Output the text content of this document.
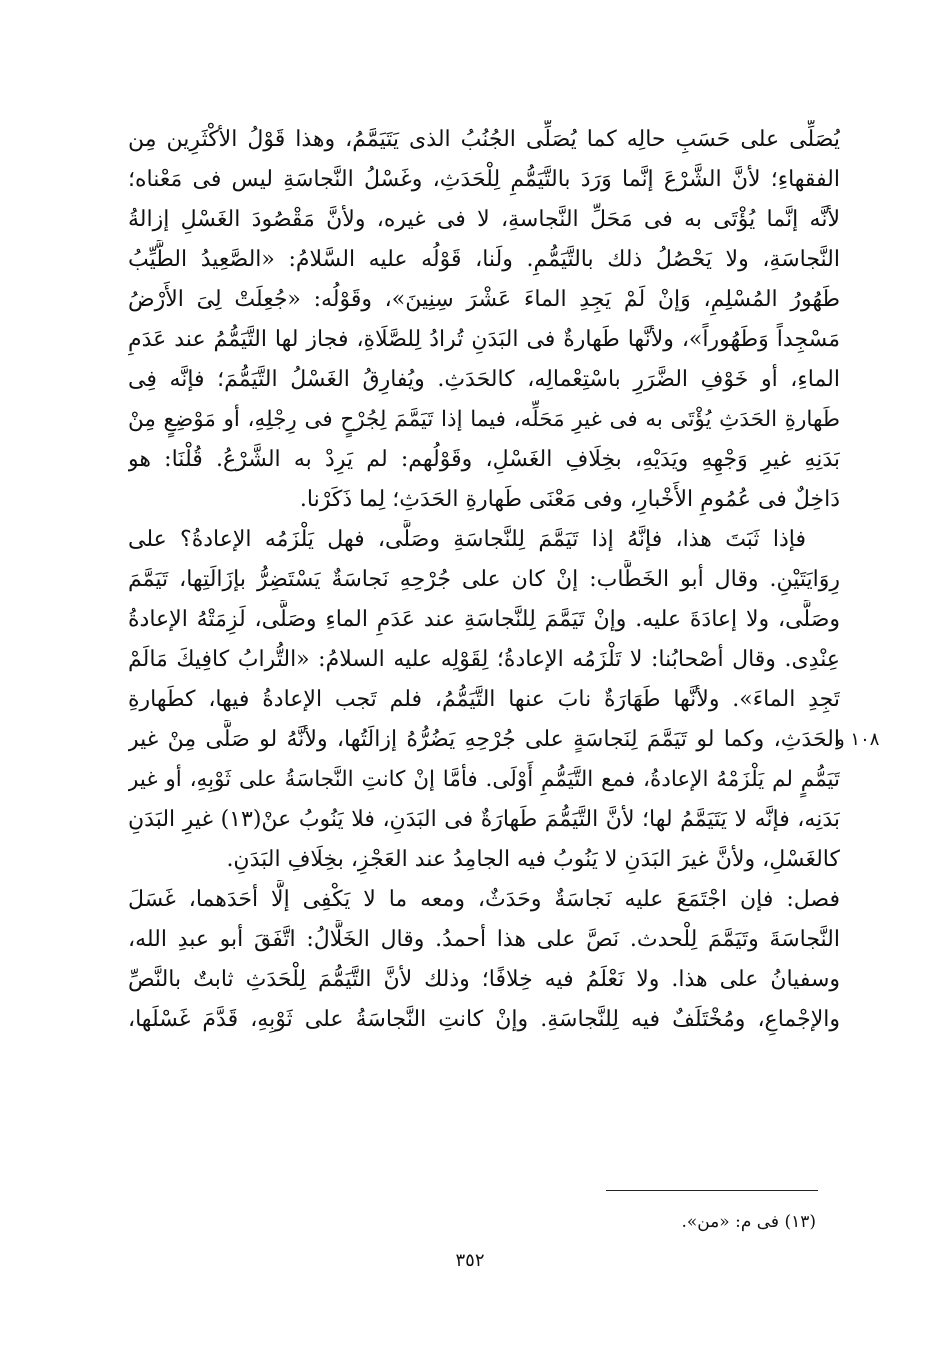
يُصَلِّى على حَسَبِ حالِه كما يُصَلِّى الجُنُبُ الذى يَتَيَمَّمُ، وهذا قَوْلُ الأكْثَرِين مِن
الفقهاءِ؛ لأنَّ الشَّرْعَ إنَّما وَرَدَ بالتَّيَمُّمِ لِلْحَدَثِ، وغَسْلُ النَّجاسَةِ ليس فى مَعْناه؛
لأنَّه إنَّما يُؤْتَى به فى مَحَلِّ النَّجاسةِ، لا فى غيره، ولأنَّ مَقْصُودَ الغَسْلِ إزالةُ
النَّجاسَةِ، ولا يَحْصُلُ ذلك بالتَّيَمُّمِ. ولَنا، قَوْلُه عليه السَّلامُ: «الصَّعِيدُ الطَّيِّبُ
طَهُورُ المُسْلِمِ، وَإنْ لَمْ يَجِدِ الماءَ عَشْرَ سِنِينَ»، وقَوْلُه: «جُعِلَتْ لِىَ الأَرْضُ
مَسْجِداً وَطَهُوراً»، ولأنَّها طَهارةٌ فى البَدَنِ تُرادُ لِلصَّلَاةِ، فجاز لها التَّيَمُّمُ عند عَدَمِ
الماءِ، أو خَوْفِ الضَّرَرِ باسْتِعْمالِه، كالحَدَثِ. ويُفارِقُ الغَسْلُ التَّيَمُّمَ؛ فإنَّه فِى
طَهارةِ الحَدَثِ يُؤْتَى به فى غيرِ مَحَلِّه، فيما إذا تَيَمَّمَ لِجُرْحٍ فى رِجْلِهِ، أو مَوْضِعٍ مِنْ
بَدَنِهِ غيرِ وَجْهِهِ ويَدَيْهِ، بخِلَافِ الغَسْلِ، وقَوْلُهم: لم يَرِدْ به الشَّرْعُ. قُلْنَا: هو
دَاخِلٌ فى عُمُومِ الأَخْبارِ، وفى مَعْنَى طَهارةِ الحَدَثِ؛ لِما ذَكَرْنا.
فإذا ثَبَتَ هذا، فإنَّهُ إذا تَيَمَّمَ لِلنَّجاسَةِ وصَلَّى، فهل يَلْزَمُه الإعادةُ؟ على
رِوَايَتَيْنِ. وقال أبو الخَطَّاب: إنْ كان على جُرْحِهِ نَجاسَةٌ يَسْتَضِرُّ بإزَالَتِها، تَيَمَّمَ
وصَلَّى، ولا إعادَةَ عليه. وإنْ تَيَمَّمَ لِلنَّجاسَةِ عند عَدَمِ الماءِ وصَلَّى، لَزِمَتْهُ الإعادةُ
عِنْدِى. وقال أصْحابُنا: لا تَلْزَمُه الإعادةُ؛ لِقَوْلِه عليه السلامُ: «التُّرابُ كافِيكَ مَالَمْ
تَجِدِ الماءَ». ولأنَّها طَهَارَةٌ نابَ عنها التَّيَمُّمُ، فلم تَجب الإعادةُ فيها، كطَهارةِ
الحَدَثِ، وكما لو تَيَمَّمَ لِنَجاسَةٍ على جُرْحِهِ يَضُرُّهُ إزالَتُها، ولأنَّهُ لو صَلَّى مِنْ غير
تَيَمُّمٍ لم يَلْزَمْهُ الإعادةُ، فمع التَّيَمُّمِ أَوْلَى. فأمَّا إنْ كانتِ النَّجاسَةُ على ثَوْبِهِ، أو غير
بَدَنِه، فإنَّه لا يَتَيَمَّمُ لها؛ لأنَّ التَّيَمُّمَ طَهارَةٌ فى البَدَنِ، فلا يَنُوبُ عنْ(١٣) غيرِ البَدَنِ
كالغَسْلِ، ولأنَّ غيرَ البَدَنِ لا يَنُوبُ فيه الجامِدُ عند العَجْزِ، بخِلَافِ البَدَنِ.
فصل: فإن اجْتَمَعَ عليه نَجاسَةٌ وحَدَثٌ، ومعه ما لا يَكْفِى إلَّا أحَدَهما، غَسَلَ
النَّجاسَةَ وتَيَمَّمَ لِلْحدث. نَصَّ على هذا أحمدُ. وقال الخَلَّالُ: اتَّفَقَ أبو عبدِ الله،
وسفيانُ على هذا. ولا نَعْلَمُ فيه خِلافًا؛ وذلك لأنَّ التَّيَمُّمَ لِلْحَدَثِ ثابتٌ بالنَّصِّ
والإجْماعِ، ومُخْتَلَفٌ فيه لِلنَّجاسَةِ. وإنْ كانتِ النَّجاسَةُ على ثَوْبِهِ، قَدَّمَ غَسْلَها،
١٠٨ و
(١٣) فى م: «من».
٣٥٢
